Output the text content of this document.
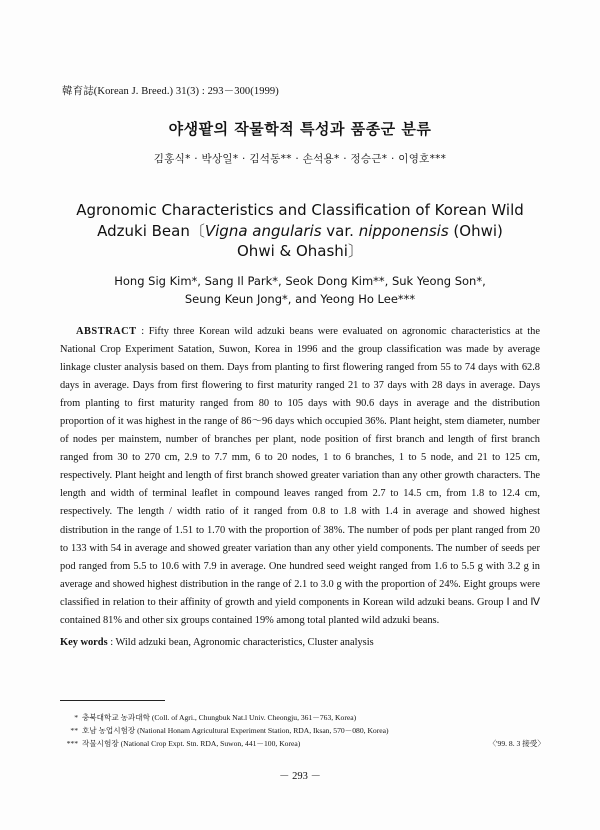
韓育誌(Korean J. Breed.) 31(3) : 293－300(1999)
야생팥의 작물학적 특성과 품종군 분류
김홍식* · 박상일* · 김석동** · 손석용* · 정승근* · 이영호***
Agronomic Characteristics and Classification of Korean Wild
Adzuki Bean〔Vigna angularis var. nipponensis (Ohwi)
Ohwi & Ohashi〕
Hong Sig Kim*, Sang Il Park*, Seok Dong Kim**, Suk Yeong Son*,
Seung Keun Jong*, and Yeong Ho Lee***

ABSTRACT : Fifty three Korean wild adzuki beans were evaluated on agronomic characteristics at the National Crop Experiment Satation, Suwon, Korea in 1996 and the group classification was made by average linkage cluster analysis based on them. Days from planting to first flowering ranged from 55 to 74 days with 62.8 days in average. Days from first flowering to first maturity ranged 21 to 37 days with 28 days in average. Days from planting to first maturity ranged from 80 to 105 days with 90.6 days in average and the distribution proportion of it was highest in the range of 86～96 days which occupied 36%. Plant height, stem diameter, number of nodes per mainstem, number of branches per plant, node position of first branch and length of first branch ranged from 30 to 270 cm, 2.9 to 7.7 mm, 6 to 20 nodes, 1 to 6 branches, 1 to 5 node, and 21 to 125 cm, respectively. Plant height and length of first branch showed greater variation than any other growth characters. The length and width of terminal leaflet in compound leaves ranged from 2.7 to 14.5 cm, from 1.8 to 12.4 cm, respectively. The length / width ratio of it ranged from 0.8 to 1.8 with 1.4 in average and showed highest distribution in the range of 1.51 to 1.70 with the proportion of 38%. The number of pods per plant ranged from 20 to 133 with 54 in average and showed greater variation than any other yield components. The number of seeds per pod ranged from 5.5 to 10.6 with 7.9 in average. One hundred seed weight ranged from 1.6 to 5.5 g with 3.2 g in average and showed highest distribution in the range of 2.1 to 3.0 g with the proportion of 24%. Eight groups were classified in relation to their affinity of growth and yield components in Korean wild adzuki beans. Group Ⅰ and Ⅳ contained 81% and other six groups contained 19% among total planted wild adzuki beans.

Key words : Wild adzuki bean, Agronomic characteristics, Cluster analysis
* 충북대학교 농과대학 (Coll. of Agri., Chungbuk Nat.l Univ. Cheongju, 361－763, Korea)
** 호남 농업시험장 (National Honam Agricultural Experiment Station, RDA, Iksan, 570－080, Korea)
*** 작물시험장 (National Crop Expt. Stn. RDA, Suwon, 441－100, Korea)	〈'99. 8. 3 接受〉
－ 293 －
